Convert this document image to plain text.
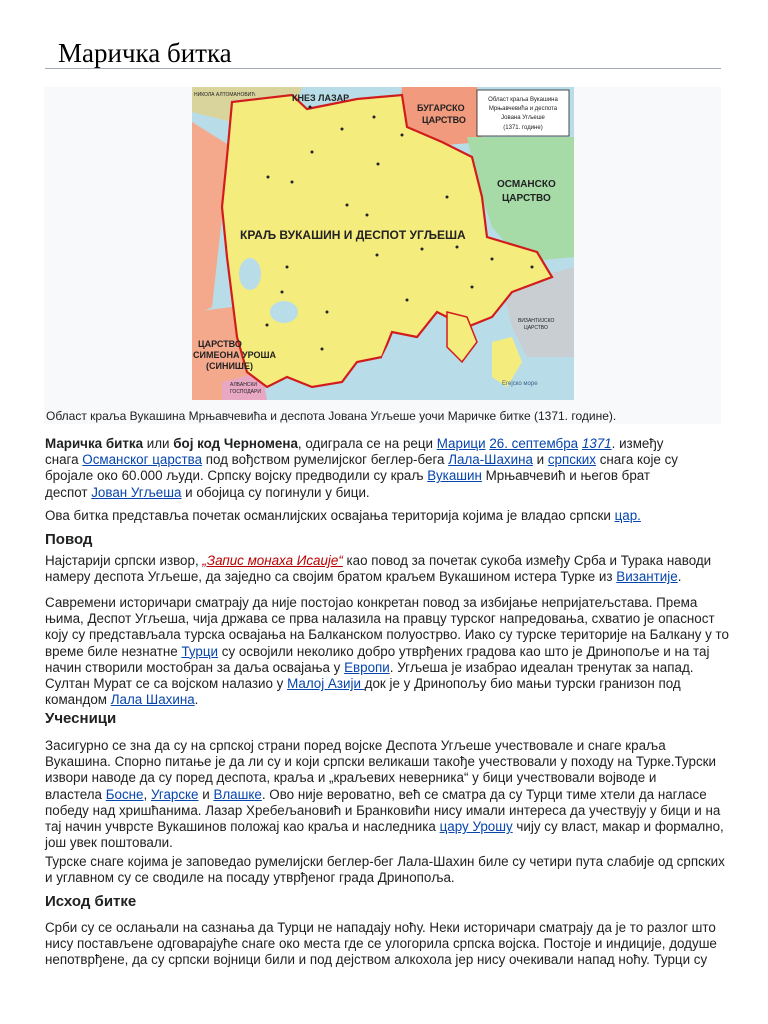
Маричка битка
КНЕЗ ЛАЗАР
НИКОЛА АЛТОМАНОВИЋ
БУГАРСКО
ЦАРСТВО
ОСМАНСКО
ЦАРСТВО
КРАЉ ВУКАШИН И ДЕСПОТ УГЉЕША
ЦАРСТВО
СИМЕОНА УРОША
(СИНИШЕ)
АЛБАНСКИ
ГОСПОДАРИ
ВИЗАНТИЈСКО
ЦАРСТВО
Егејско море
Област краља Вукашина
Мрњавчевића и деспота
Јована Угљеше
(1371. године)

Област краља Вукашина Мрњавчевића и деспота Јована Угљеше уочи Маричке битке (1371. године).

Маричка битка или бој код Черномена, одиграла се на реци Марици 26. септембра 1371. између
снага Османског царства под вођством румелијског беглер-бега Лала-Шахина и српских снага које су
бројале око 60.000 људи. Српску војску предводили су краљ Вукашин Мрњавчевић и његов брат
деспот Јован Угљеша и обојица су погинули у бици.

Ова битка представља почетак османлијских освајања територија којима је владао српски цар.

Повод

Најстарији српски извор, „Запис монаха Исаије“ као повод за почетак сукоба између Срба и Турака наводи
намеру деспота Угљеше, да заједно са својим братом краљем Вукашином истера Турке из Византије.

Савремени историчари сматрају да није постојао конкретан повод за избијање непријатељстава. Према
њима, Деспот Угљеша, чија држава се прва налазила на правцу турског напредовања, схватио је опасност
коју су представљала турска освајања на Балканском полуострво. Иако су турске територије на Балкану у то
време биле незнатне Турци су освојили неколико добро утврђених градова као што је Дринопоље и на тај
начин створили мостобран за даља освајања у Европи. Угљеша је изабрао идеалан тренутак за напад.
Султан Мурат се са војском налазио у Малој Азији док је у Дринопољу био мањи турски гранизон под
командом Лала Шахина.

Учесници

Засигурно се зна да су на српској страни поред војске Деспота Угљеше учествовале и снаге краља
Вукашина. Спорно питање је да ли су и који српски великаши такође учествовали у походу на Турке.Турски
извори наводе да су поред деспота, краља и „краљевих неверника“ у бици учествовали војводе и
властела Босне, Угарске и Влашке. Ово није вероватно, већ се сматра да су Турци тиме хтели да нагласе
победу над хришћанима. Лазар Хребељановић и Бранковићи нису имали интереса да учествују у бици и на
тај начин учврсте Вукашинов положај као краља и наследника цару Урошу чију су власт, макар и формално,
још увек поштовали.

Турске снаге којима је заповедао румелијски беглер-бег Лала-Шахин биле су четири пута слабије од српских
и углавном су се сводиле на посаду утврђеног града Дринопоља.

Исход битке

Срби су се ослањали на сазнања да Турци не нападају ноћу. Неки историчари сматрају да је то разлог што
нису постављене одговарајуће снаге око места где се улогорила српска војска. Постоје и индиције, додуше
непотврђене, да су српски војници били и под дејством алкохола јер нису очекивали напад ноћу. Турци су
